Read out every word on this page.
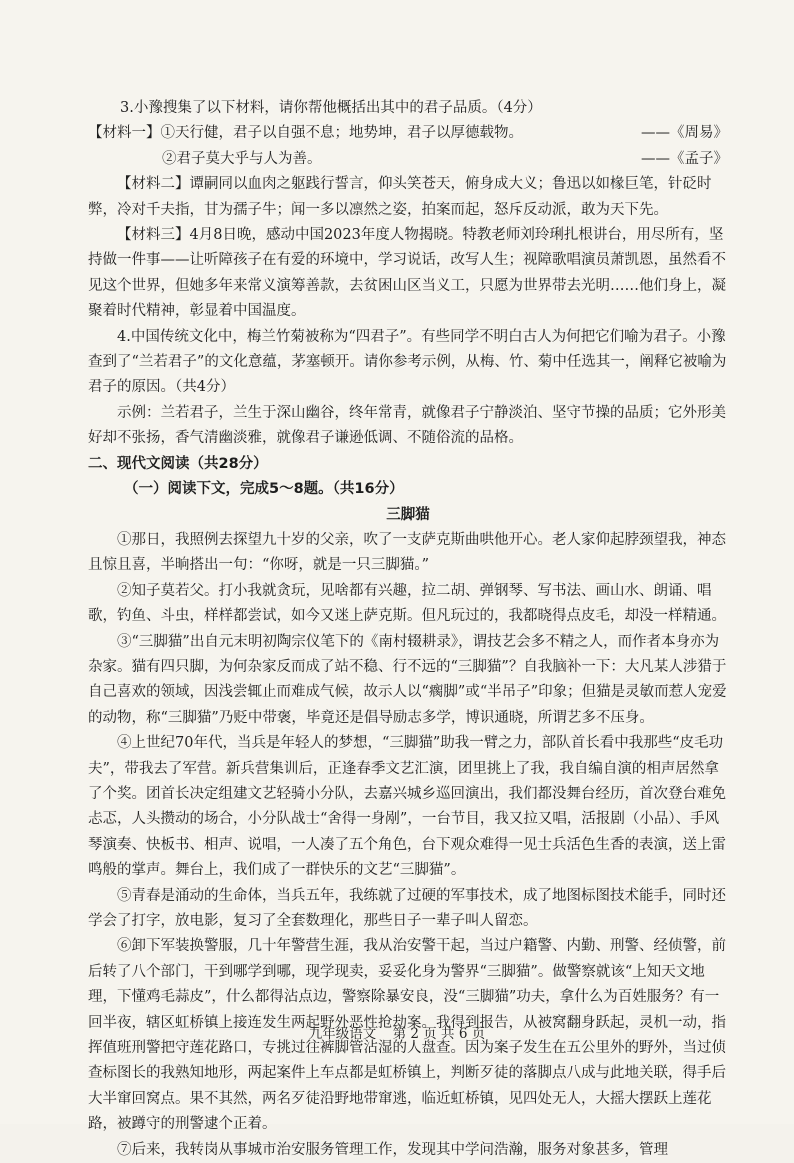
3.小豫搜集了以下材料，请你帮他概括出其中的君子品质。（4分）

【材料一】①天行健，君子以自强不息；地势坤，君子以厚德载物。	——《周易》
②君子莫大乎与人为善。	——《孟子》

【材料二】谭嗣同以血肉之躯践行誓言，仰头笑苍天，俯身成大义；鲁迅以如椽巨笔，针砭时弊，冷对千夫指，甘为孺子牛；闻一多以凛然之姿，拍案而起，怒斥反动派，敢为天下先。

【材料三】4月8日晚，感动中国2023年度人物揭晓。特教老师刘玲琍扎根讲台，用尽所有，坚持做一件事——让听障孩子在有爱的环境中，学习说话，改写人生；视障歌唱演员萧凯恩，虽然看不见这个世界，但她多年来常义演筹善款，去贫困山区当义工，只愿为世界带去光明……他们身上，凝聚着时代精神，彰显着中国温度。

4.中国传统文化中，梅兰竹菊被称为“四君子”。有些同学不明白古人为何把它们喻为君子。小豫查到了“兰若君子”的文化意蕴，茅塞顿开。请你参考示例，从梅、竹、菊中任选其一，阐释它被喻为君子的原因。（共4分）

示例：兰若君子，兰生于深山幽谷，终年常青，就像君子宁静淡泊、坚守节操的品质；它外形美好却不张扬，香气清幽淡雅，就像君子谦逊低调、不随俗流的品格。

二、现代文阅读（共28分）

（一）阅读下文，完成5～8题。（共16分）

三脚猫

①那日，我照例去探望九十岁的父亲，吹了一支萨克斯曲哄他开心。老人家仰起脖颈望我，神态且惊且喜，半晌搭出一句：“你呀，就是一只三脚猫。”

②知子莫若父。打小我就贪玩，见啥都有兴趣，拉二胡、弹钢琴、写书法、画山水、朗诵、唱歌，钓鱼、斗虫，样样都尝试，如今又迷上萨克斯。但凡玩过的，我都晓得点皮毛，却没一样精通。

③“三脚猫”出自元末明初陶宗仪笔下的《南村辍耕录》，谓技艺会多不精之人，而作者本身亦为杂家。猫有四只脚，为何杂家反而成了站不稳、行不远的“三脚猫”？自我脑补一下：大凡某人涉猎于自己喜欢的领域，因浅尝辄止而难成气候，故示人以“瘸脚”或“半吊子”印象；但猫是灵敏而惹人宠爱的动物，称“三脚猫”乃贬中带褒，毕竟还是倡导励志多学，博识通晓，所谓艺多不压身。

④上世纪70年代，当兵是年轻人的梦想，“三脚猫”助我一臂之力，部队首长看中我那些“皮毛功夫”，带我去了军营。新兵营集训后，正逢春季文艺汇演，团里挑上了我，我自编自演的相声居然拿了个奖。团首长决定组建文艺轻骑小分队，去嘉兴城乡巡回演出，我们都没舞台经历，首次登台难免忐忑，人头攒动的场合，小分队战士“舍得一身剐”，一台节目，我又拉又唱，活报剧（小品）、手风琴演奏、快板书、相声、说唱，一人凑了五个角色，台下观众难得一见士兵活色生香的表演，送上雷鸣般的掌声。舞台上，我们成了一群快乐的文艺“三脚猫”。

⑤青春是涌动的生命体，当兵五年，我练就了过硬的军事技术，成了地图标图技术能手，同时还学会了打字，放电影，复习了全套数理化，那些日子一辈子叫人留恋。

⑥卸下军装换警服，几十年警营生涯，我从治安警干起，当过户籍警、内勤、刑警、经侦警，前后转了八个部门，干到哪学到哪，现学现卖，妥妥化身为警界“三脚猫”。做警察就该“上知天文地理，下懂鸡毛蒜皮”，什么都得沾点边，警察除暴安良，没“三脚猫”功夫，拿什么为百姓服务？有一回半夜，辖区虹桥镇上接连发生两起野外恶性抢劫案。我得到报告，从被窝翻身跃起，灵机一动，指挥值班刑警把守莲花路口，专挑过往裤脚管沾湿的人盘查。因为案子发生在五公里外的野外，当过侦查标图长的我熟知地形，两起案件上车点都是虹桥镇上，判断歹徒的落脚点八成与此地关联，得手后大半窜回窝点。果不其然，两名歹徒沿野地带窜逃，临近虹桥镇，见四处无人，大摇大摆跃上莲花路，被蹲守的刑警逮个正着。

⑦后来，我转岗从事城市治安服务管理工作，发现其中学问浩瀚，服务对象甚多，管理

九年级语文 第 2 页 共 6 页
